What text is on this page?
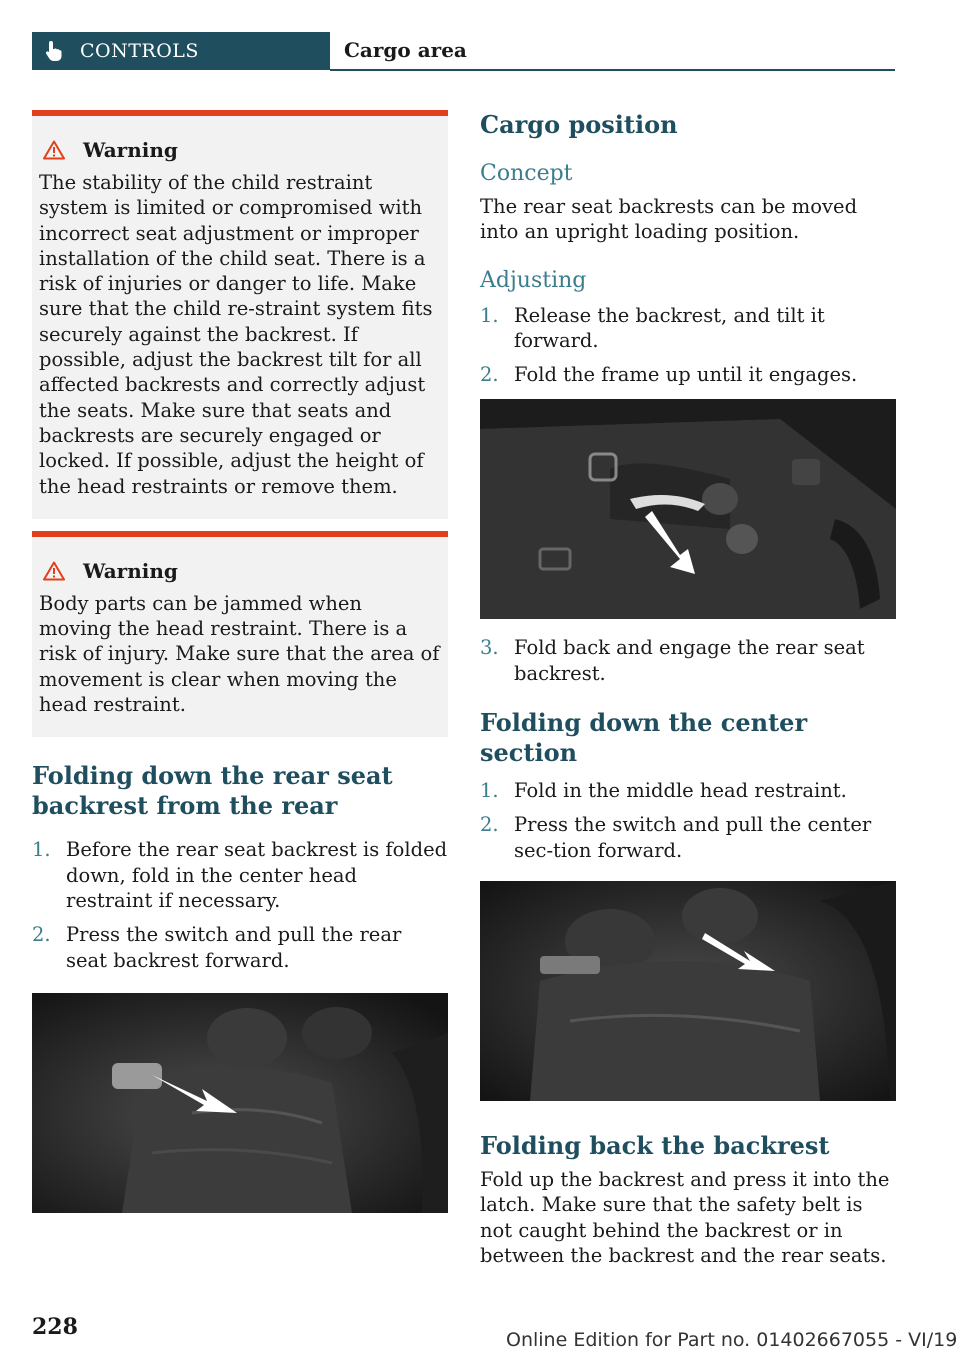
CONTROLS	Cargo area
Warning

The stability of the child restraint system is limited or compromised with incorrect seat adjustment or improper installation of the child seat. There is a risk of injuries or danger to life. Make sure that the child re‐straint system fits securely against the backrest. If possible, adjust the backrest tilt for all affected backrests and correctly adjust the seats. Make sure that seats and backrests are securely engaged or locked. If possible, adjust the height of the head restraints or remove them.

Warning

Body parts can be jammed when moving the head restraint. There is a risk of injury. Make sure that the area of movement is clear when moving the head restraint.

Folding down the rear seat backrest from the rear
1. Before the rear seat backrest is folded down, fold in the center head restraint if necessary.
2. Press the switch and pull the rear seat backrest forward.
Cargo position
Concept

The rear seat backrests can be moved into an upright loading position.

Adjusting
1. Release the backrest, and tilt it forward.
2. Fold the frame up until it engages.
3. Fold back and engage the rear seat backrest.
Folding down the center section
1. Fold in the middle head restraint.
2. Press the switch and pull the center sec‐tion forward.
Folding back the backrest

Fold up the backrest and press it into the latch. Make sure that the safety belt is not caught behind the backrest or in between the backrest and the rear seats.

228	Online Edition for Part no. 01402667055 - VI/19
